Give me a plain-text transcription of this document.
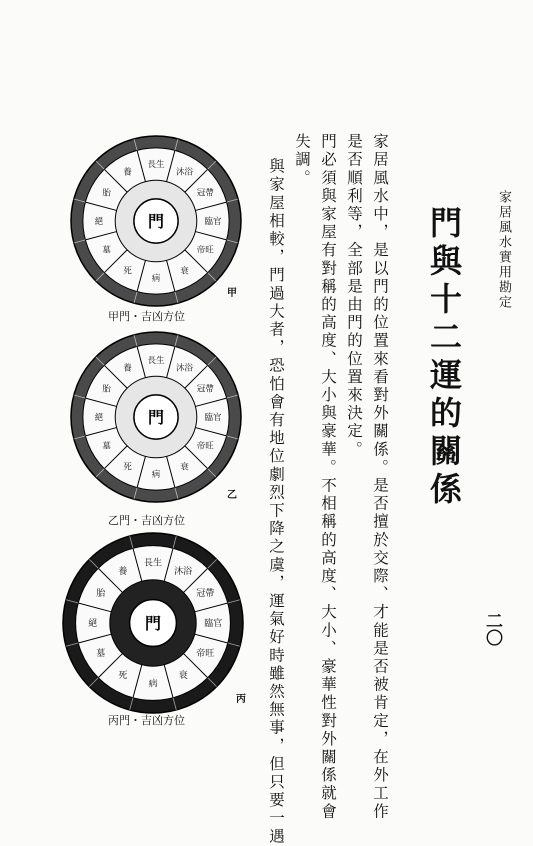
家居風水實用勘定
二〇
門與十二運的關係
家居風水中，是以門的位置來看對外關係。是否擅於交際、才能是否被肯定，在外工作
是否順利等，全部是由門的位置來決定。
門必須與家屋有對稱的高度、大小與豪華。不相稱的高度、大小、豪華性對外關係就會
失調。
與家屋相較，門過大者，恐怕會有地位劇烈下降之虞，運氣好時雖然無事，但只要一遇
長生
沐浴
冠帶
臨官
帝旺
衰
病
死
墓
絕
胎
養
門
甲
甲門・吉凶方位
長生
沐浴
冠帶
臨官
帝旺
衰
病
死
墓
絕
胎
養
門
乙
乙門・吉凶方位
長生
沐浴
冠帶
臨官
帝旺
衰
病
死
墓
絕
胎
養
門
丙
丙門・吉凶方位
